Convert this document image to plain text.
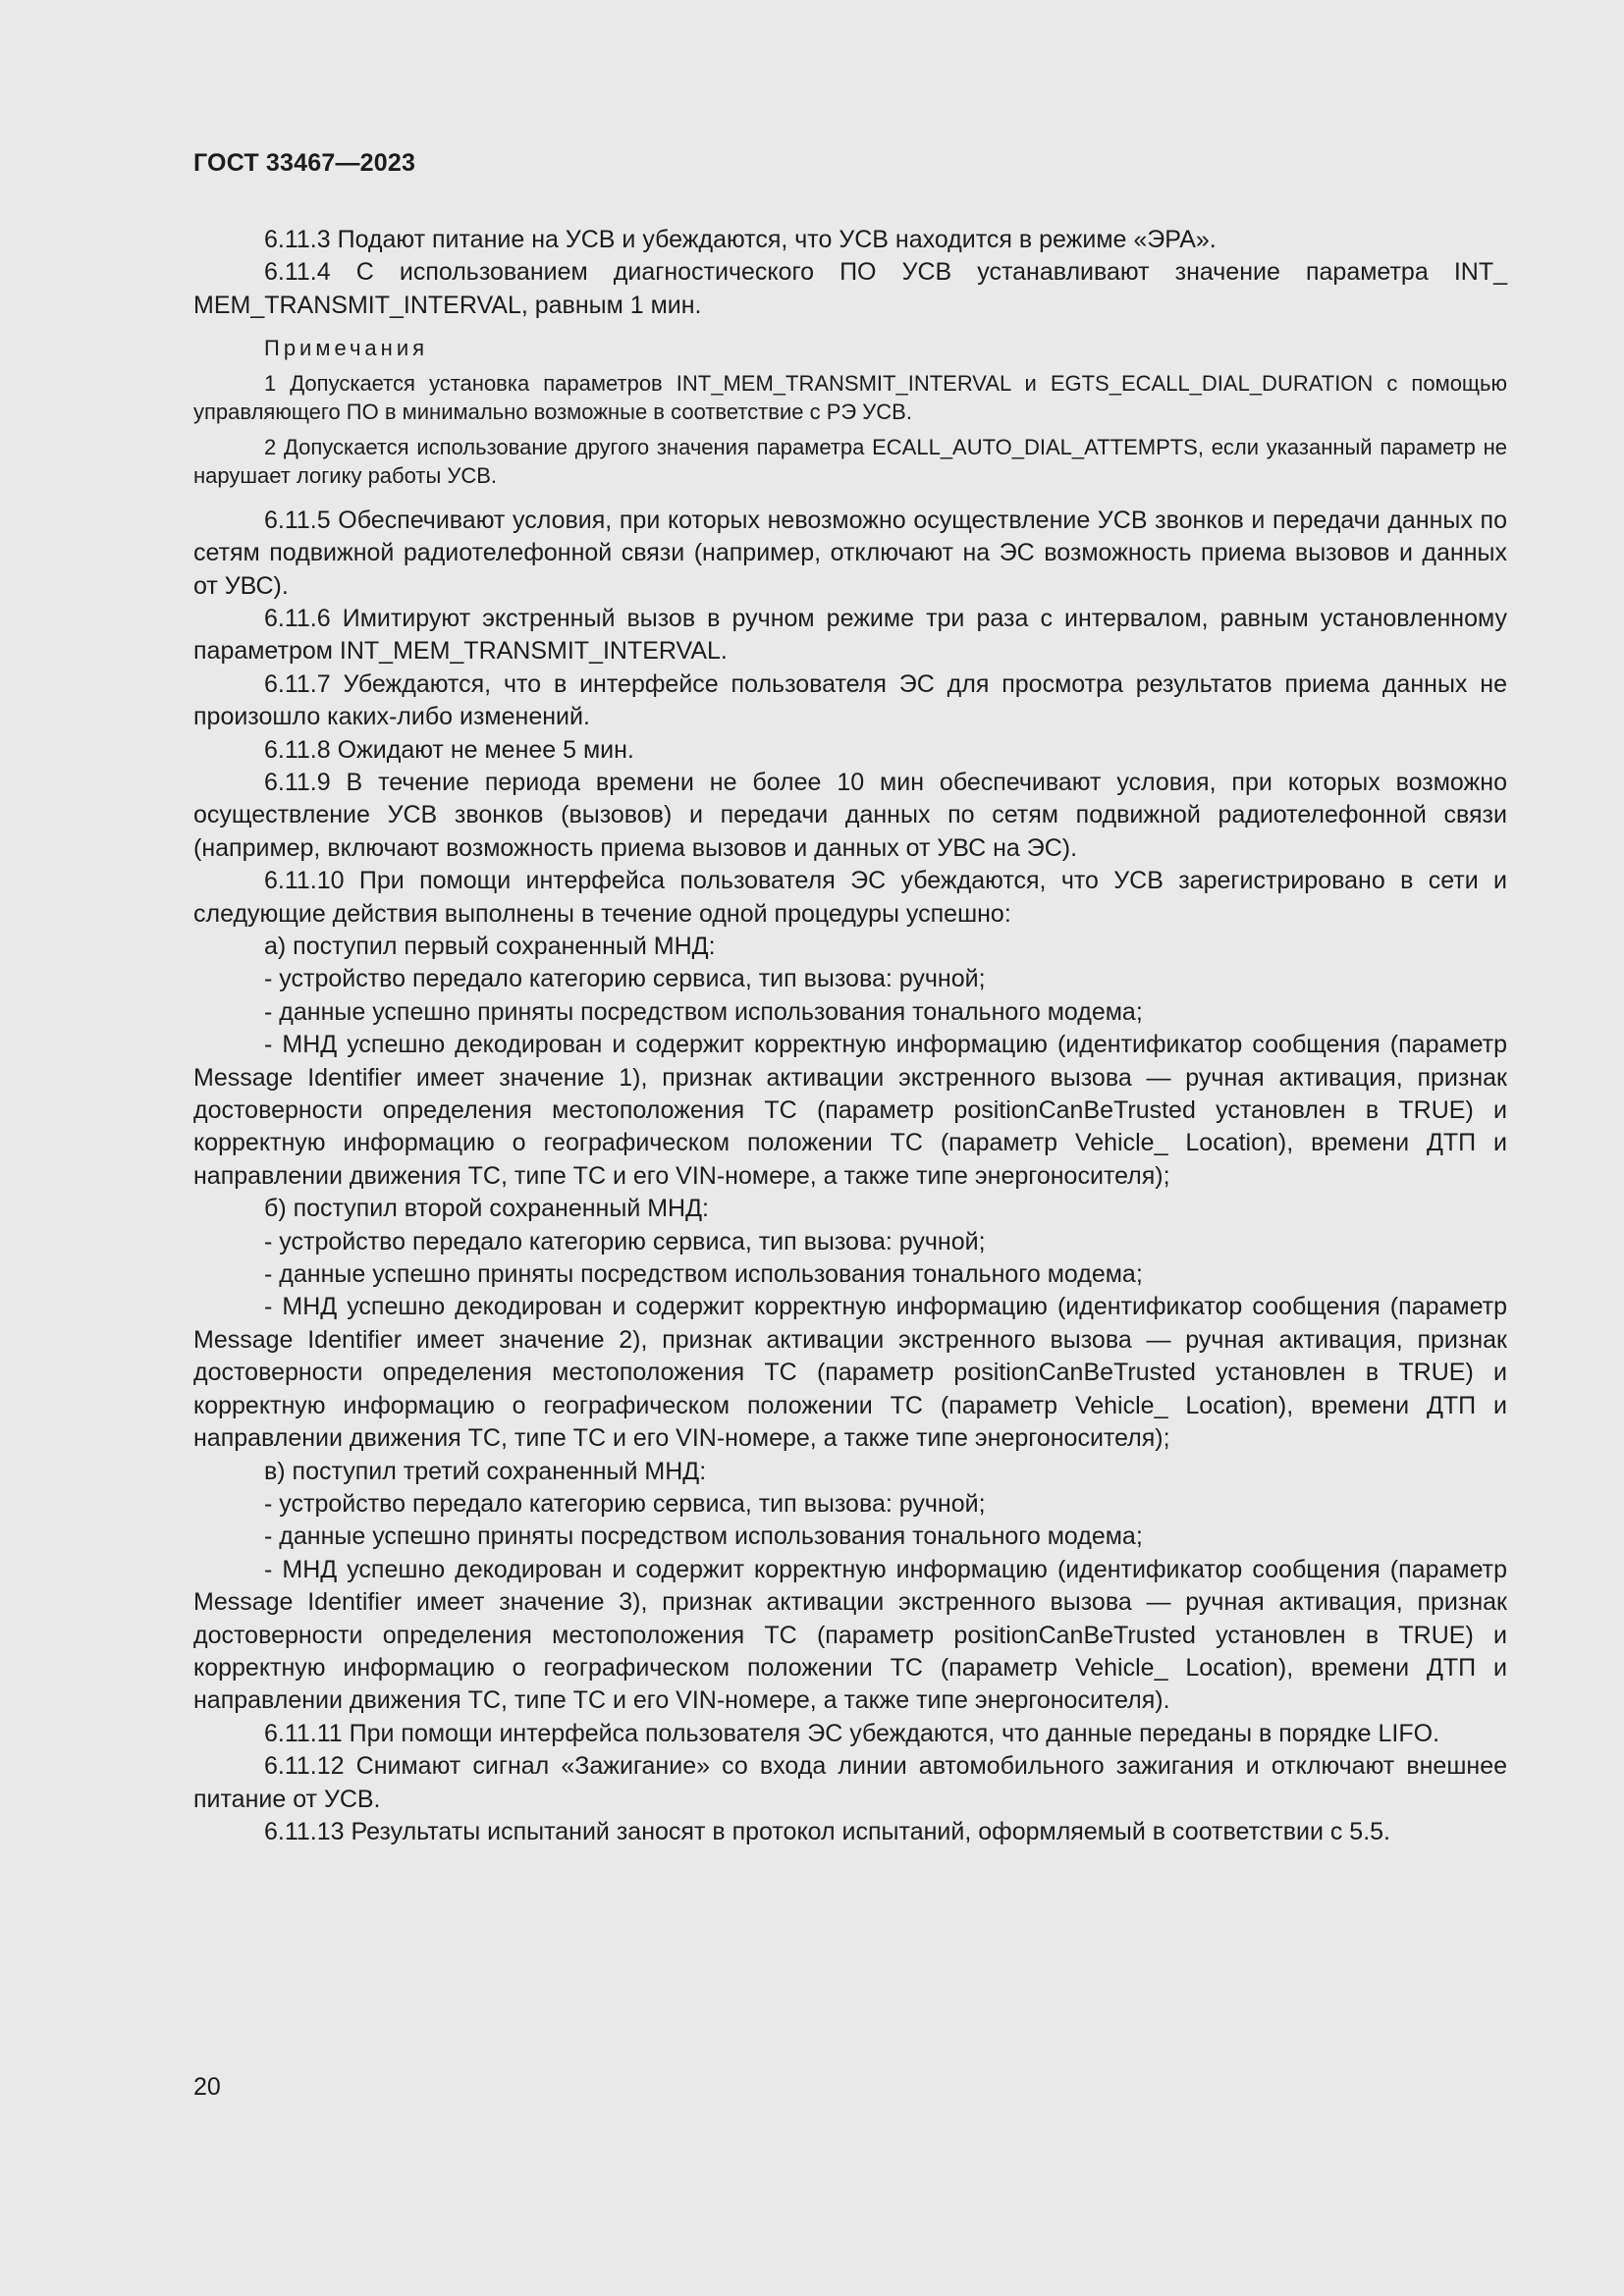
ГОСТ 33467—2023

6.11.3 Подают питание на УСВ и убеждаются, что УСВ находится в режиме «ЭРА».

6.11.4 С использованием диагностического ПО УСВ устанавливают значение параметра INT_ MEM_TRANSMIT_INTERVAL, равным 1 мин.

Примечания

1 Допускается установка параметров INT_MEM_TRANSMIT_INTERVAL и EGTS_ECALL_DIAL_DURATION с помощью управляющего ПО в минимально возможные в соответствие с РЭ УСВ.

2 Допускается использование другого значения параметра ECALL_AUTO_DIAL_ATTEMPTS, если указанный параметр не нарушает логику работы УСВ.

6.11.5 Обеспечивают условия, при которых невозможно осуществление УСВ звонков и передачи данных по сетям подвижной радиотелефонной связи (например, отключают на ЭС возможность приема вызовов и данных от УВС).

6.11.6 Имитируют экстренный вызов в ручном режиме три раза с интервалом, равным установленному параметром INT_MEM_TRANSMIT_INTERVAL.

6.11.7 Убеждаются, что в интерфейсе пользователя ЭС для просмотра результатов приема данных не произошло каких-либо изменений.

6.11.8 Ожидают не менее 5 мин.

6.11.9 В течение периода времени не более 10 мин обеспечивают условия, при которых возможно осуществление УСВ звонков (вызовов) и передачи данных по сетям подвижной радиотелефонной связи (например, включают возможность приема вызовов и данных от УВС на ЭС).

6.11.10 При помощи интерфейса пользователя ЭС убеждаются, что УСВ зарегистрировано в сети и следующие действия выполнены в течение одной процедуры успешно:

а) поступил первый сохраненный МНД:

- устройство передало категорию сервиса, тип вызова: ручной;

- данные успешно приняты посредством использования тонального модема;

- МНД успешно декодирован и содержит корректную информацию (идентификатор сообщения (параметр Message Identifier имеет значение 1), признак активации экстренного вызова — ручная активация, признак достоверности определения местоположения ТС (параметр positionCanBeTrusted установлен в TRUE) и корректную информацию о географическом положении ТС (параметр Vehicle_ Location), времени ДТП и направлении движения ТС, типе ТС и его VIN-номере, а также типе энергоносителя);

б) поступил второй сохраненный МНД:

- устройство передало категорию сервиса, тип вызова: ручной;

- данные успешно приняты посредством использования тонального модема;

- МНД успешно декодирован и содержит корректную информацию (идентификатор сообщения (параметр Message Identifier имеет значение 2), признак активации экстренного вызова — ручная активация, признак достоверности определения местоположения ТС (параметр positionCanBeTrusted установлен в TRUE) и корректную информацию о географическом положении ТС (параметр Vehicle_ Location), времени ДТП и направлении движения ТС, типе ТС и его VIN-номере, а также типе энергоносителя);

в) поступил третий сохраненный МНД:

- устройство передало категорию сервиса, тип вызова: ручной;

- данные успешно приняты посредством использования тонального модема;

- МНД успешно декодирован и содержит корректную информацию (идентификатор сообщения (параметр Message Identifier имеет значение 3), признак активации экстренного вызова — ручная активация, признак достоверности определения местоположения ТС (параметр positionCanBeTrusted установлен в TRUE) и корректную информацию о географическом положении ТС (параметр Vehicle_ Location), времени ДТП и направлении движения ТС, типе ТС и его VIN-номере, а также типе энергоносителя).

6.11.11 При помощи интерфейса пользователя ЭС убеждаются, что данные переданы в порядке LIFO.

6.11.12 Снимают сигнал «Зажигание» со входа линии автомобильного зажигания и отключают внешнее питание от УСВ.

6.11.13 Результаты испытаний заносят в протокол испытаний, оформляемый в соответствии с 5.5.

20
